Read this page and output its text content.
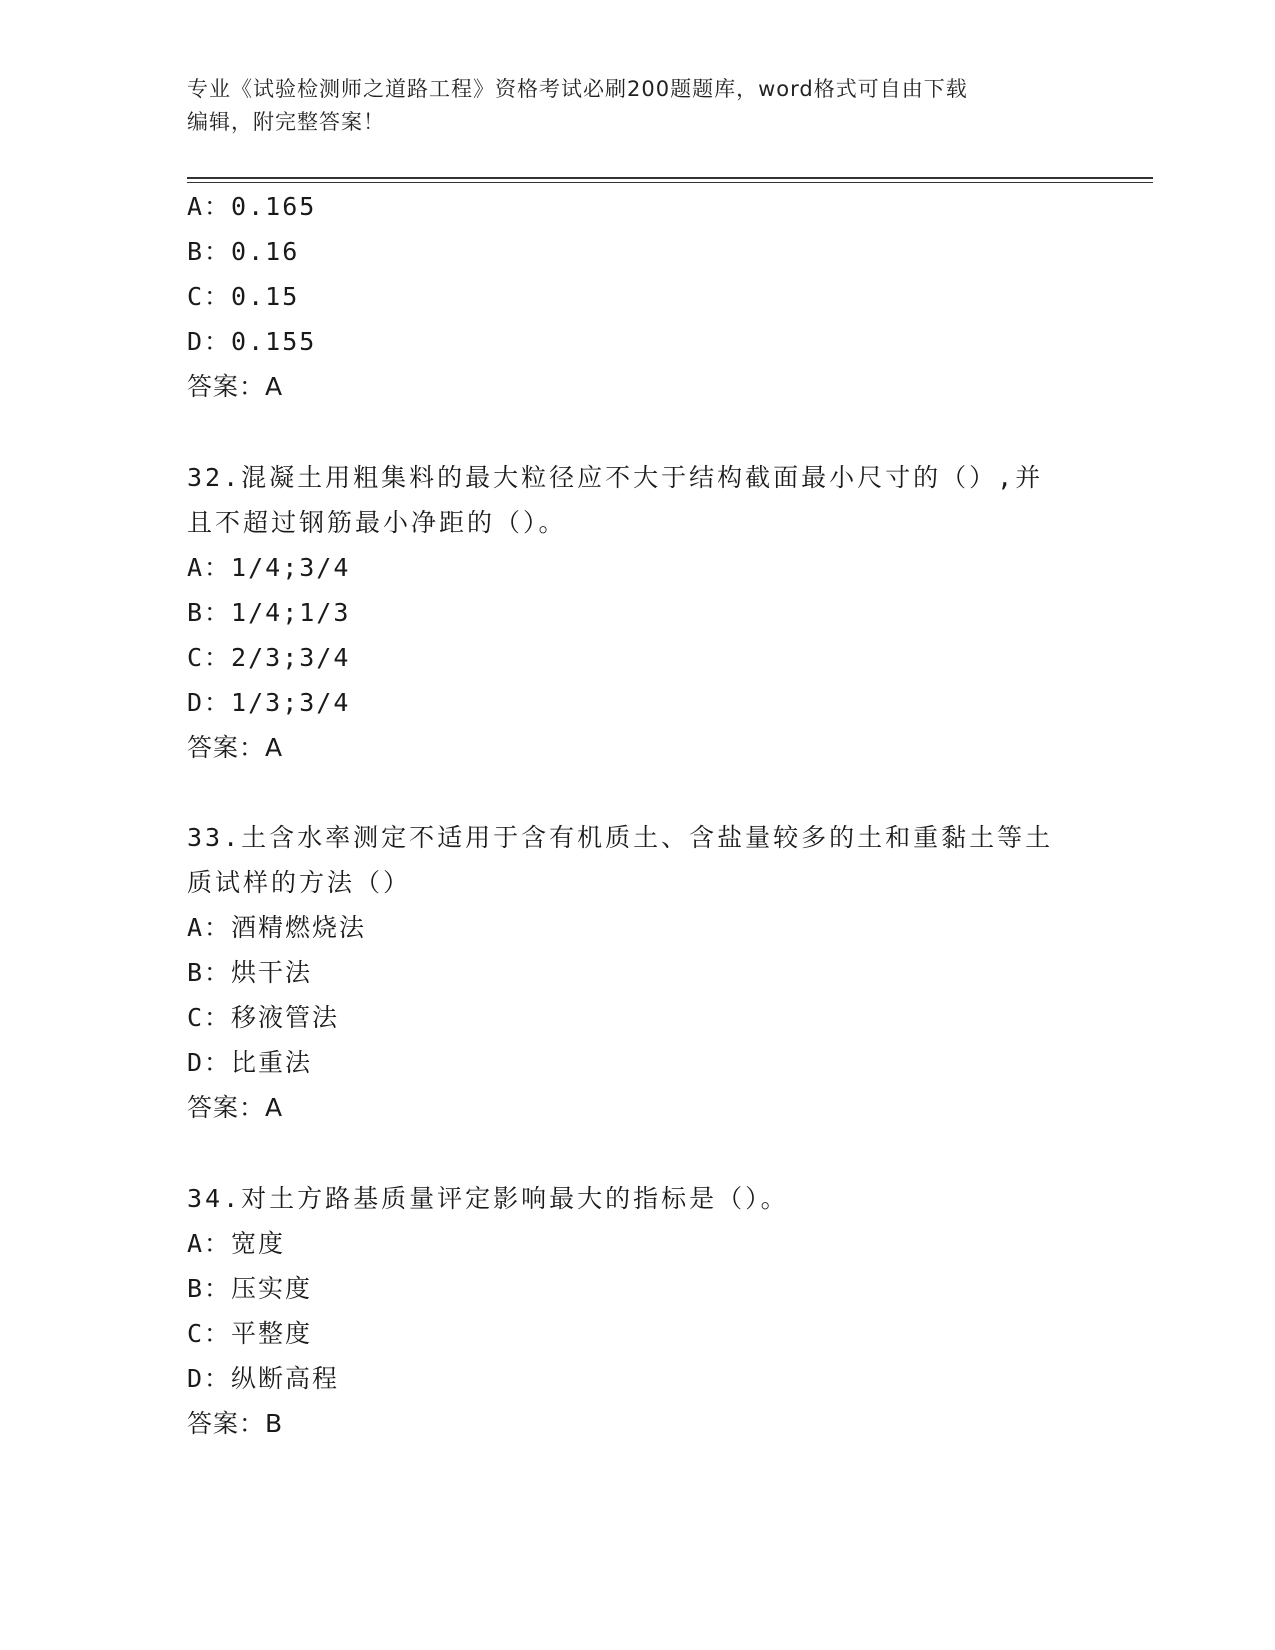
专业《试验检测师之道路工程》资格考试必刷200题题库，word格式可自由下载
编辑，附完整答案！
A：0.165
B：0.16
C：0.15
D：0.155
答案：A
32.混凝土用粗集料的最大粒径应不大于结构截面最小尺寸的（）,并
且不超过钢筋最小净距的（）。
A：1/4;3/4
B：1/4;1/3
C：2/3;3/4
D：1/3;3/4
答案：A
33.土含水率测定不适用于含有机质土、含盐量较多的土和重黏土等土
质试样的方法（）
A：酒精燃烧法
B：烘干法
C：移液管法
D：比重法
答案：A
34.对土方路基质量评定影响最大的指标是（）。
A：宽度
B：压实度
C：平整度
D：纵断高程
答案：B
